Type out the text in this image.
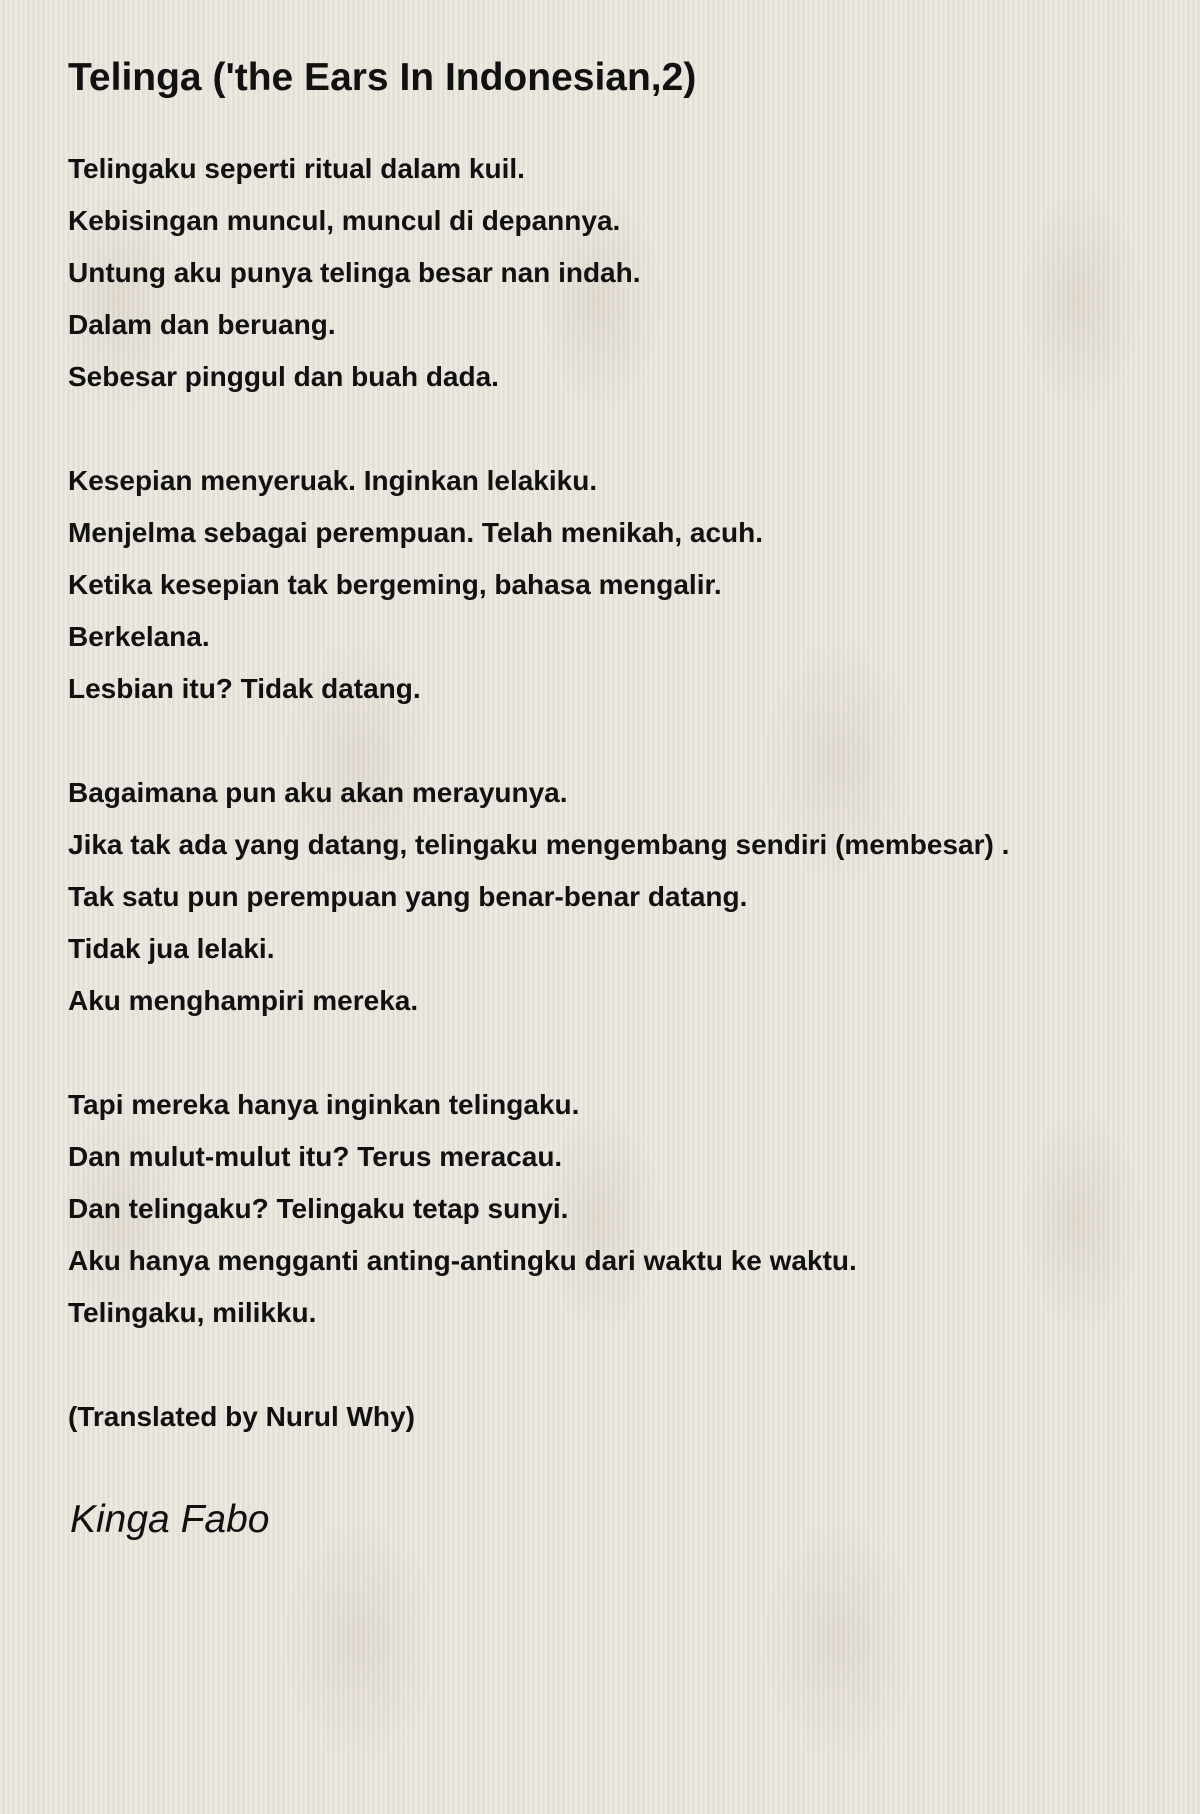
Telinga ('the Ears In Indonesian,2)
Telingaku seperti ritual dalam kuil.
Kebisingan muncul, muncul di depannya.
Untung aku punya telinga besar nan indah.
Dalam dan beruang.
Sebesar pinggul dan buah dada.
Kesepian menyeruak. Inginkan lelakiku.
Menjelma sebagai perempuan. Telah menikah, acuh.
Ketika kesepian tak bergeming, bahasa mengalir.
Berkelana.
Lesbian itu? Tidak datang.
Bagaimana pun aku akan merayunya.
Jika tak ada yang datang, telingaku mengembang sendiri (membesar) .
Tak satu pun perempuan yang benar-benar datang.
Tidak jua lelaki.
Aku menghampiri mereka.
Tapi mereka hanya inginkan telingaku.
Dan mulut-mulut itu? Terus meracau.
Dan telingaku? Telingaku tetap sunyi.
Aku hanya mengganti anting-antingku dari waktu ke waktu.
Telingaku, milikku.
(Translated by Nurul Why)
Kinga Fabo
